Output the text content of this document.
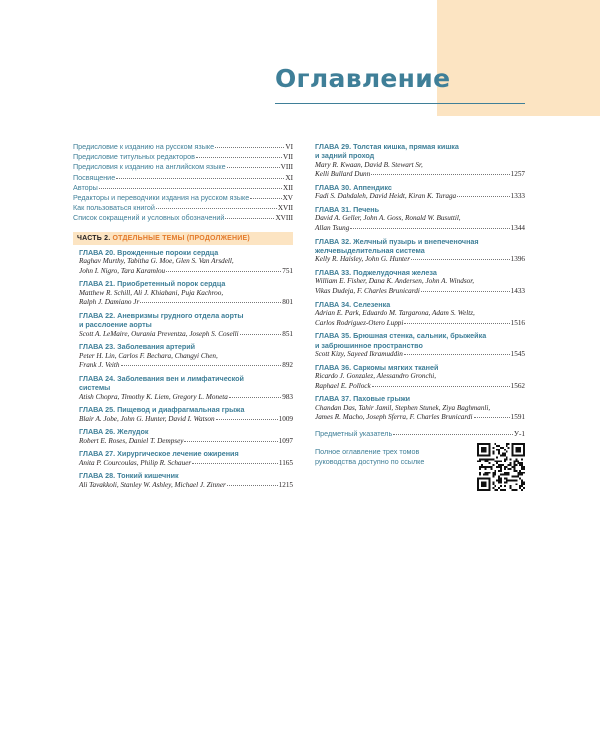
Оглавление
Предисловие к изданию на русском языке	VI
Предисловие титульных редакторов	VII
Предисловия к изданию на английском языке	VIII
Посвящение	XI
Авторы	XII
Редакторы и переводчики издания на русском языке	XV
Как пользоваться книгой	XVII
Список сокращений и условных обозначений	XVIII
ЧАСТЬ 2. ОТДЕЛЬНЫЕ ТЕМЫ (ПРОДОЛЖЕНИЕ)
ГЛАВА 20. Врожденные пороки сердца
Raghav Murthy, Tabitha G. Moe, Glen S. Van Arsdell,
John I. Nigro, Tara Karamlou	751
ГЛАВА 21. Приобретенный порок сердца
Matthew R. Schill, Ali J. Khiabani, Puja Kachroo,
Ralph J. Damiano Jr	801
ГЛАВА 22. Аневризмы грудного отдела аорты
и расслоение аорты
Scott A. LeMaire, Ourania Preventza, Joseph S. Coselli	851
ГЛАВА 23. Заболевания артерий
Peter H. Lin, Carlos F. Bechara, Changyi Chen,
Frank J. Veith	892
ГЛАВА 24. Заболевания вен и лимфатической
системы
Atish Chopra, Timothy K. Liem, Gregory L. Moneta	983
ГЛАВА 25. Пищевод и диафрагмальная грыжа
Blair A. Jobe, John G. Hunter, David I. Watson	1009
ГЛАВА 26. Желудок
Robert E. Roses, Daniel T. Dempsey	1097
ГЛАВА 27. Хирургическое лечение ожирения
Anita P. Courcoulas, Philip R. Schauer	1165
ГЛАВА 28. Тонкий кишечник
Ali Tavakkoli, Stanley W. Ashley, Michael J. Zinner	1215
ГЛАВА 29. Толстая кишка, прямая кишка
и задний проход
Mary R. Kwaan, David B. Stewart Sr,
Kelli Bullard Dunn	1257
ГЛАВА 30. Аппендикс
Fadi S. Dahdaleh, David Heidt, Kiran K. Turaga	1333
ГЛАВА 31. Печень
David A. Geller, John A. Goss, Ronald W. Busuttil,
Allan Tsung	1344
ГЛАВА 32. Желчный пузырь и внепеченочная
желчевыделительная система
Kelly R. Haisley, John G. Hunter	1396
ГЛАВА 33. Поджелудочная железа
William E. Fisher, Dana K. Andersen, John A. Windsor,
Vikas Dudeja, F. Charles Brunicardi	1433
ГЛАВА 34. Селезенка
Adrian E. Park, Eduardo M. Targarona, Adam S. Weltz,
Carlos Rodriguez-Otero Luppi	1516
ГЛАВА 35. Брюшная стенка, сальник, брыжейка
и забрюшинное пространство
Scott Kizy, Sayeed Ikramuddin	1545
ГЛАВА 36. Саркомы мягких тканей
Ricardo J. Gonzalez, Alessandro Gronchi,
Raphael E. Pollock	1562
ГЛАВА 37. Паховые грыжи
Chandan Das, Tahir Jamil, Stephen Stunek, Ziya Baghmanli,
James R. Macho, Joseph Sferra, F. Charles Brunicardi	1591
Предметный указатель	У-1
Полное оглавление трех томов руководства доступно по ссылке
